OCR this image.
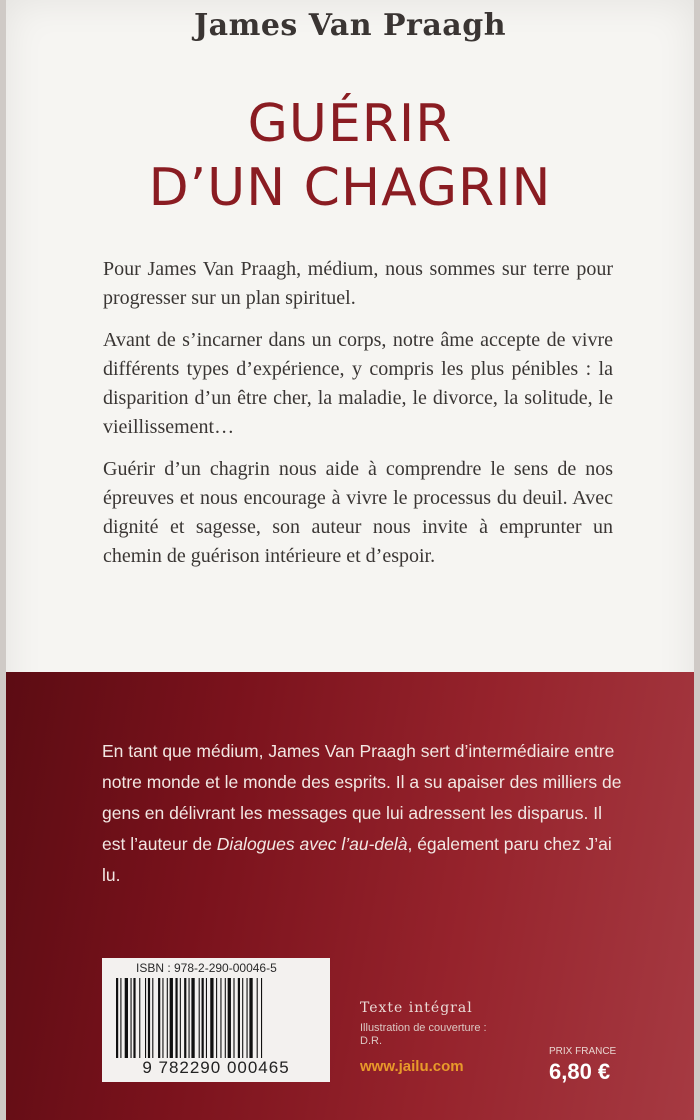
James Van Praagh
GUÉRIR
D’UN CHAGRIN

Pour James Van Praagh, médium, nous sommes sur terre pour progresser sur un plan spirituel.

Avant de s’incarner dans un corps, notre âme accepte de vivre différents types d’expérience, y compris les plus pénibles : la disparition d’un être cher, la maladie, le divorce, la solitude, le vieillissement…

Guérir d’un chagrin nous aide à comprendre le sens de nos épreuves et nous encourage à vivre le processus du deuil. Avec dignité et sagesse, son auteur nous invite à emprunter un chemin de guérison intérieure et d’espoir.

En tant que médium, James Van Praagh sert d’intermédiaire entre notre monde et le monde des esprits. Il a su apaiser des milliers de gens en délivrant les messages que lui adressent les disparus. Il est l’auteur de Dialogues avec l’au-delà, également paru chez J’ai lu.

ISBN : 978-2-290-00046-5
9 782290 000465
Texte intégral
Illustration de couverture :
D.R.
www.jailu.com
PRIX FRANCE
6,80 €
